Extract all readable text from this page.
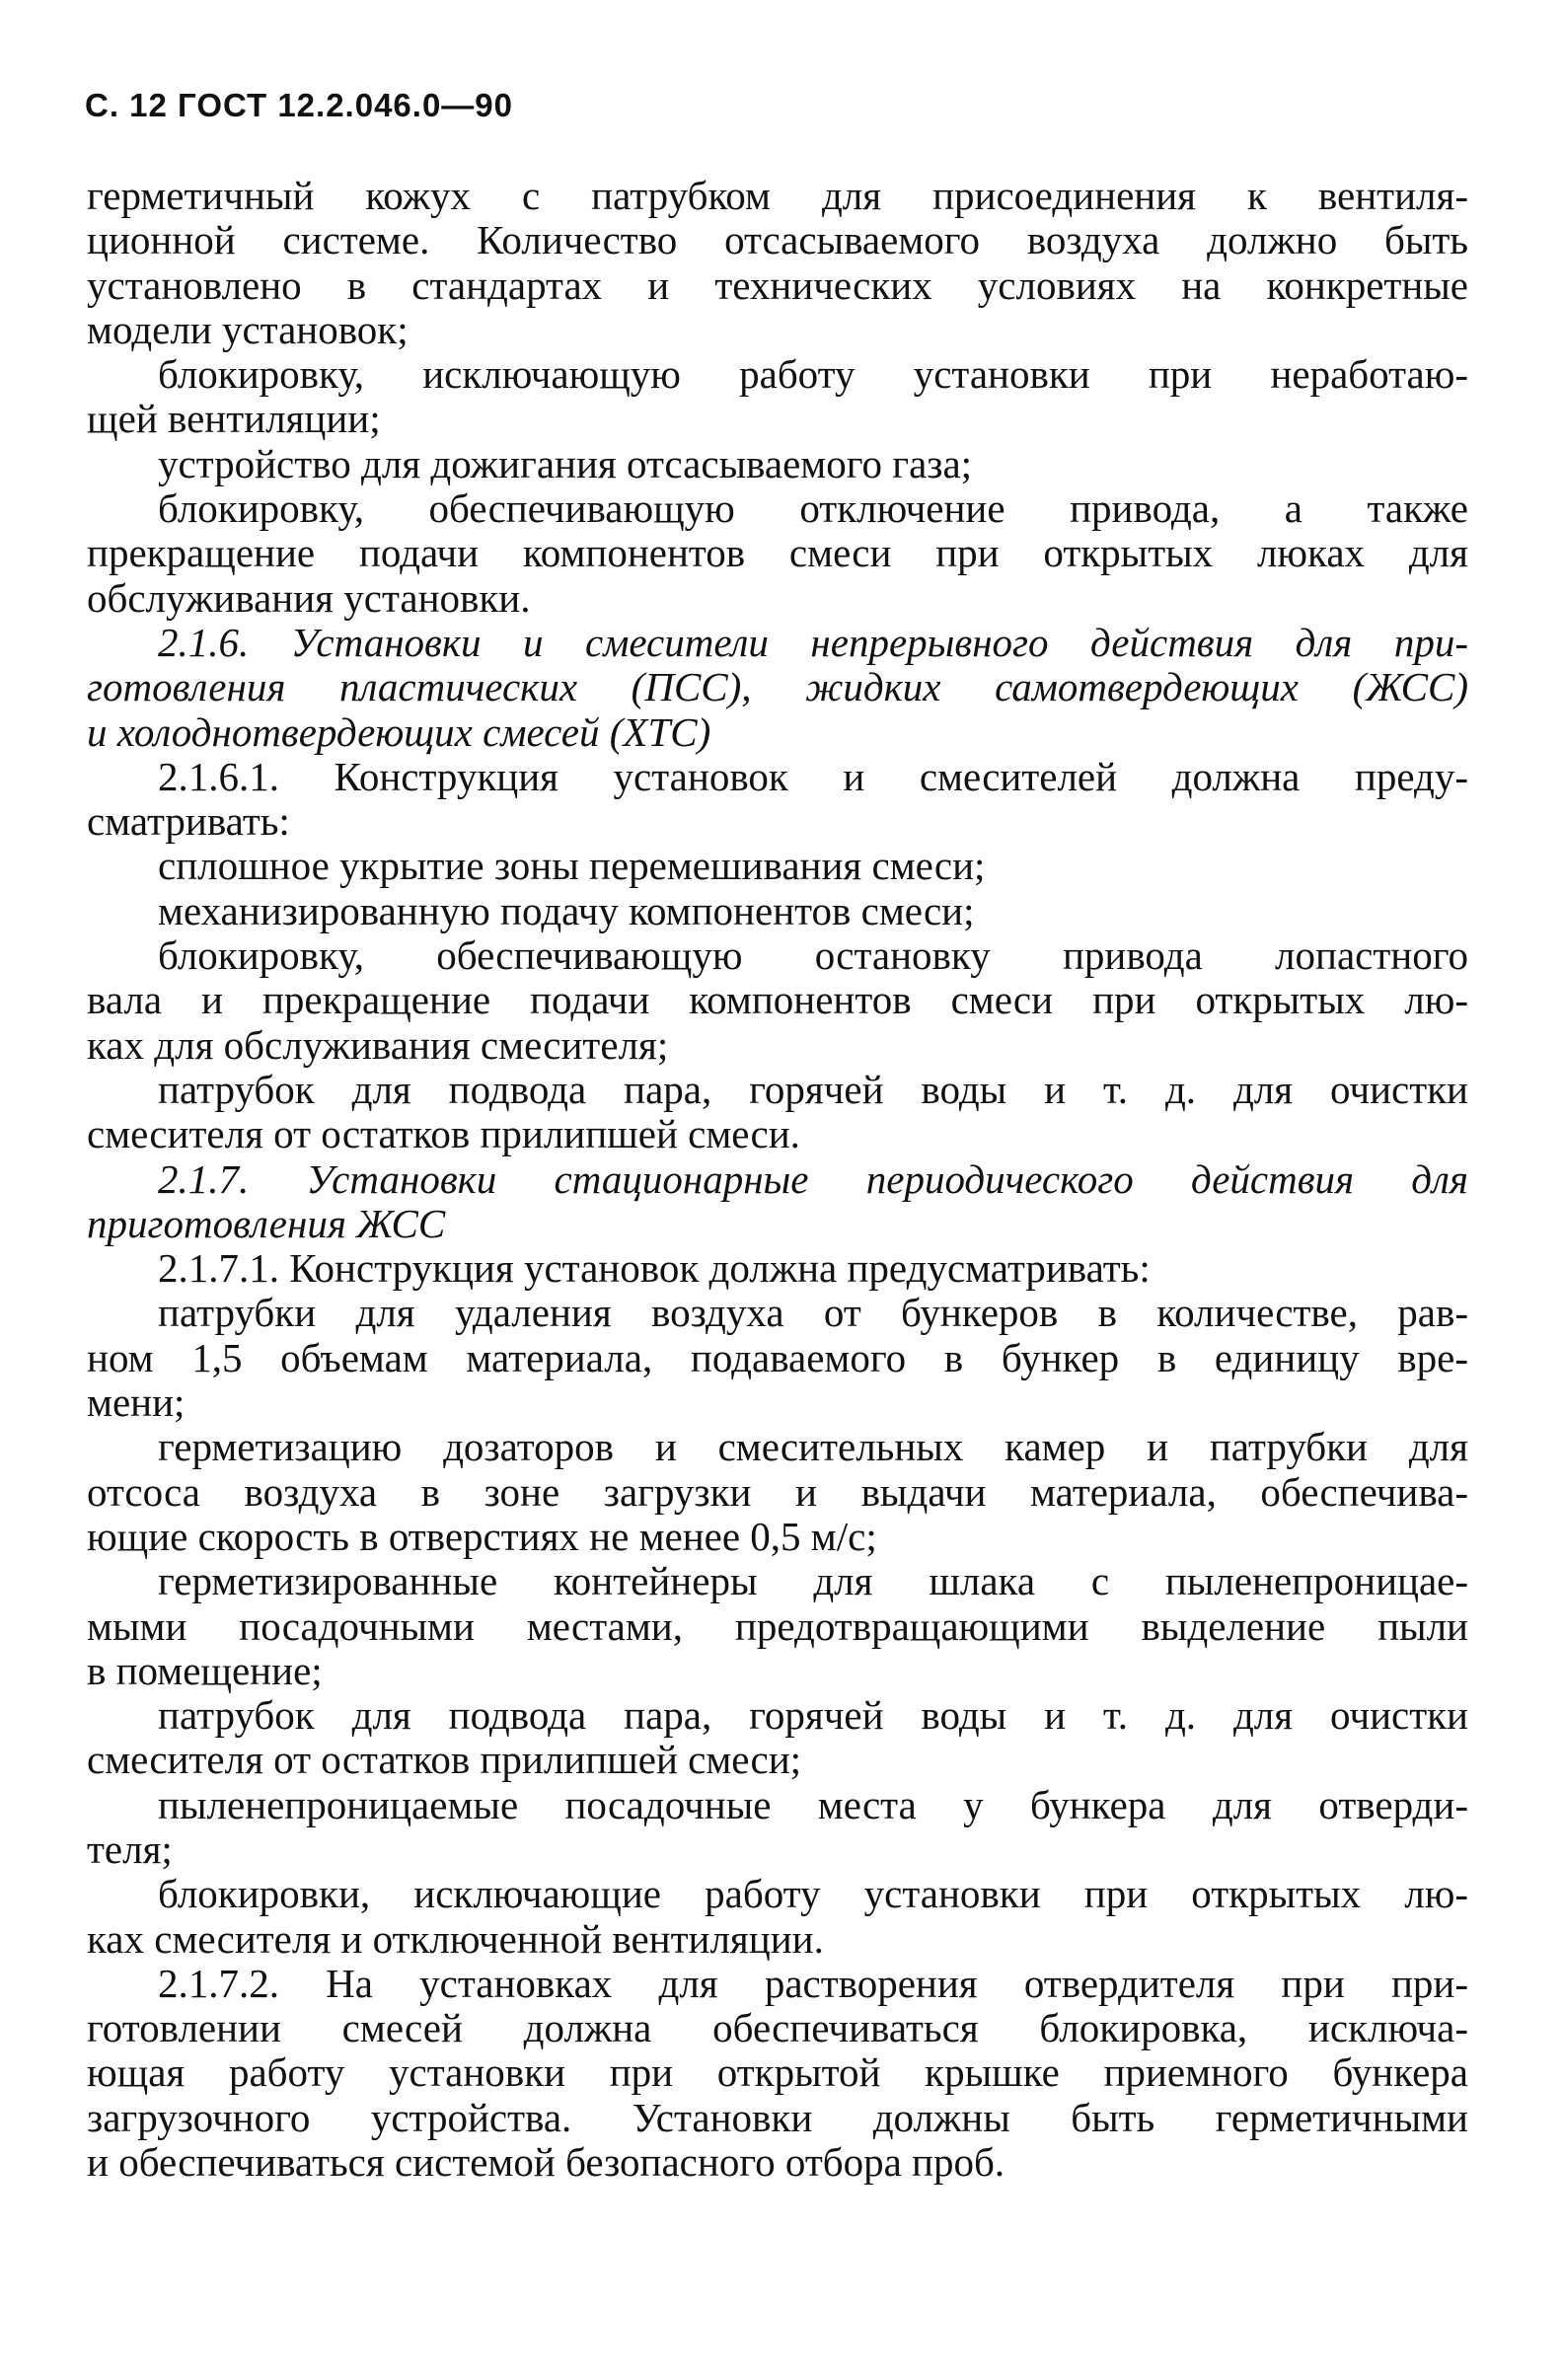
С. 12 ГОСТ 12.2.046.0—90
герметичный кожух с патрубком для присоединения к вентиля-
ционной системе. Количество отсасываемого воздуха должно быть
установлено в стандартах и технических условиях на конкретные
модели установок;
блокировку, исключающую работу установки при неработаю-
щей вентиляции;
устройство для дожигания отсасываемого газа;
блокировку, обеспечивающую отключение привода, а также
прекращение подачи компонентов смеси при открытых люках для
обслуживания установки.
2.1.6. Установки и смесители непрерывного действия для при-
готовления пластических (ПСС), жидких самотвердеющих (ЖСС)
и холоднотвердеющих смесей (ХТС)
2.1.6.1. Конструкция установок и смесителей должна преду-
сматривать:
сплошное укрытие зоны перемешивания смеси;
механизированную подачу компонентов смеси;
блокировку, обеспечивающую остановку привода лопастного
вала и прекращение подачи компонентов смеси при открытых лю-
ках для обслуживания смесителя;
патрубок для подвода пара, горячей воды и т. д. для очистки
смесителя от остатков прилипшей смеси.
2.1.7. Установки стационарные периодического действия для
приготовления ЖСС
2.1.7.1. Конструкция установок должна предусматривать:
патрубки для удаления воздуха от бункеров в количестве, рав-
ном 1,5 объемам материала, подаваемого в бункер в единицу вре-
мени;
герметизацию дозаторов и смесительных камер и патрубки для
отсоса воздуха в зоне загрузки и выдачи материала, обеспечива-
ющие скорость в отверстиях не менее 0,5 м/с;
герметизированные контейнеры для шлака с пыленепроницае-
мыми посадочными местами, предотвращающими выделение пыли
в помещение;
патрубок для подвода пара, горячей воды и т. д. для очистки
смесителя от остатков прилипшей смеси;
пыленепроницаемые посадочные места у бункера для отверди-
теля;
блокировки, исключающие работу установки при открытых лю-
ках смесителя и отключенной вентиляции.
2.1.7.2. На установках для растворения отвердителя при при-
готовлении смесей должна обеспечиваться блокировка, исключа-
ющая работу установки при открытой крышке приемного бункера
загрузочного устройства. Установки должны быть герметичными
и обеспечиваться системой безопасного отбора проб.
